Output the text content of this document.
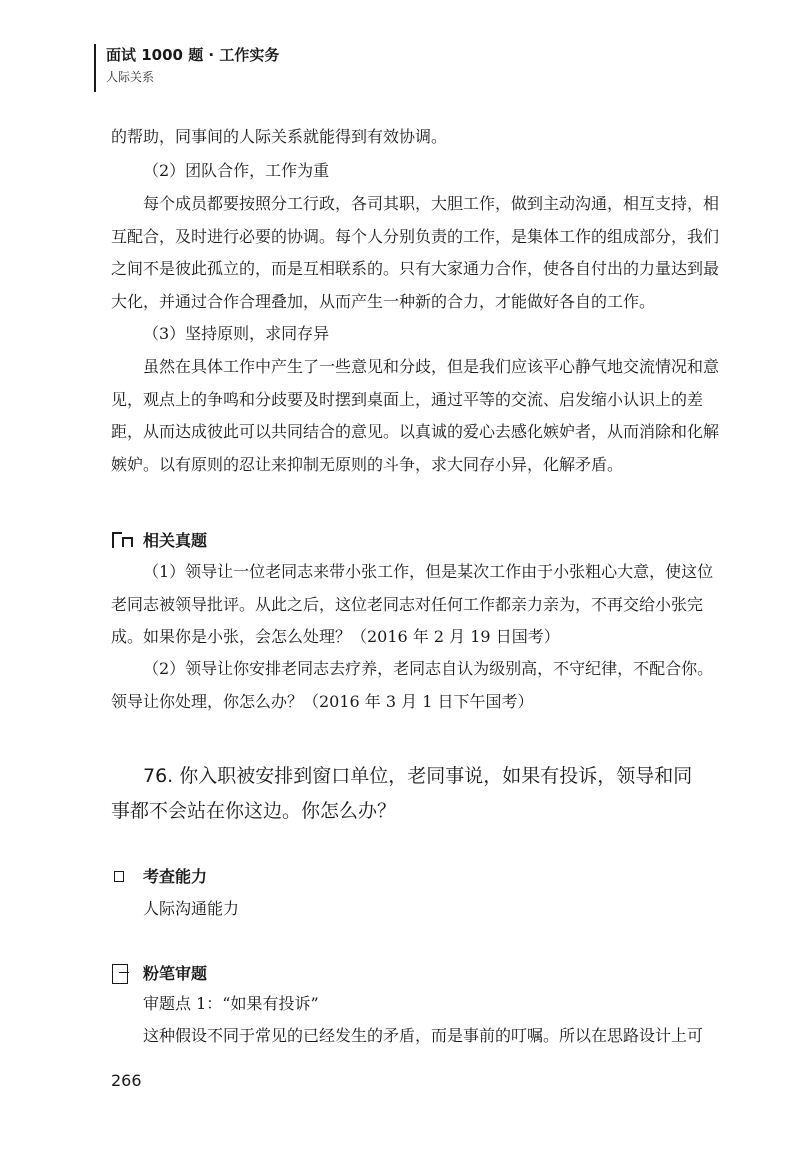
面试 1000 题 · 工作实务
人际关系
的帮助，同事间的人际关系就能得到有效协调。
（2）团队合作，工作为重
每个成员都要按照分工行政，各司其职，大胆工作，做到主动沟通，相互支持，相互配合，及时进行必要的协调。每个人分别负责的工作，是集体工作的组成部分，我们之间不是彼此孤立的，而是互相联系的。只有大家通力合作，使各自付出的力量达到最大化，并通过合作合理叠加，从而产生一种新的合力，才能做好各自的工作。
（3）坚持原则，求同存异
虽然在具体工作中产生了一些意见和分歧，但是我们应该平心静气地交流情况和意见，观点上的争鸣和分歧要及时摆到桌面上，通过平等的交流、启发缩小认识上的差距，从而达成彼此可以共同结合的意见。以真诚的爱心去感化嫉妒者，从而消除和化解嫉妒。以有原则的忍让来抑制无原则的斗争，求大同存小异，化解矛盾。
相关真题
（1）领导让一位老同志来带小张工作，但是某次工作由于小张粗心大意，使这位老同志被领导批评。从此之后，这位老同志对任何工作都亲力亲为，不再交给小张完成。如果你是小张，会怎么处理？（2016 年 2 月 19 日国考）
（2）领导让你安排老同志去疗养，老同志自认为级别高，不守纪律，不配合你。领导让你处理，你怎么办？（2016 年 3 月 1 日下午国考）
76. 你入职被安排到窗口单位，老同事说，如果有投诉，领导和同事都不会站在你这边。你怎么办？
考查能力
人际沟通能力
粉笔审题
审题点 1：“如果有投诉”
这种假设不同于常见的已经发生的矛盾，而是事前的叮嘱。所以在思路设计上可
266
